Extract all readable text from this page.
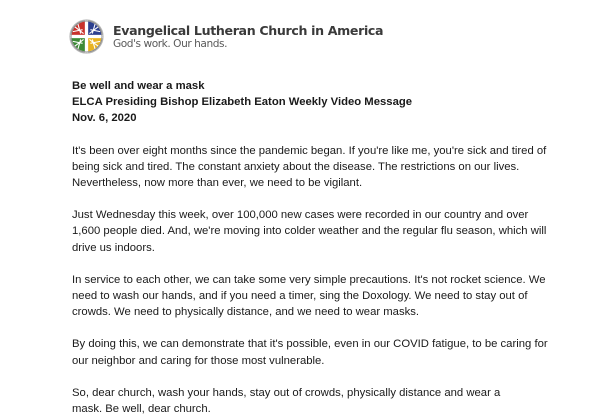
Evangelical Lutheran Church in America
God's work. Our hands.
Be well and wear a mask
ELCA Presiding Bishop Elizabeth Eaton Weekly Video Message
Nov. 6, 2020

It's been over eight months since the pandemic began. If you're like me, you're sick and tired of
being sick and tired. The constant anxiety about the disease. The restrictions on our lives.
Nevertheless, now more than ever, we need to be vigilant.

Just Wednesday this week, over 100,000 new cases were recorded in our country and over
1,600 people died. And, we're moving into colder weather and the regular flu season, which will
drive us indoors.

In service to each other, we can take some very simple precautions. It's not rocket science. We
need to wash our hands, and if you need a timer, sing the Doxology. We need to stay out of
crowds. We need to physically distance, and we need to wear masks.

By doing this, we can demonstrate that it's possible, even in our COVID fatigue, to be caring for
our neighbor and caring for those most vulnerable.

So, dear church, wash your hands, stay out of crowds, physically distance and wear a
mask. Be well, dear church.
